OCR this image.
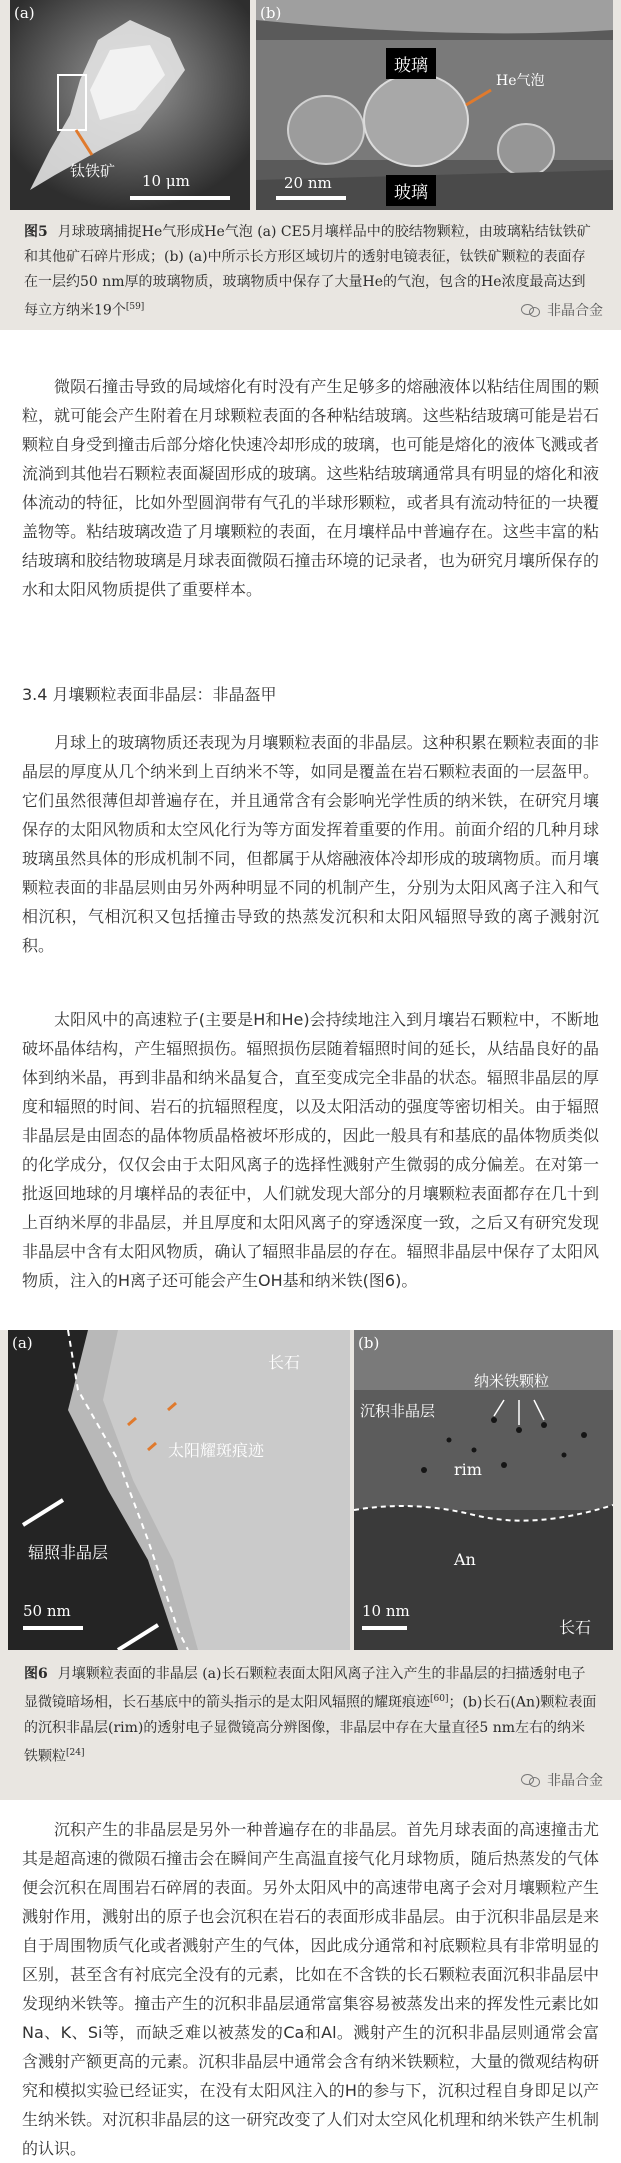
(a)
钛铁矿
10 μm
(b)
玻璃
玻璃
He气泡
20 nm
图5 月球玻璃捕捉He气形成He气泡 (a) CE5月壤样品中的胶结物颗粒，由玻璃粘结钛铁矿和其他矿石碎片形成；(b) (a)中所示长方形区域切片的透射电镜表征，钛铁矿颗粒的表面存在一层约50 nm厚的玻璃物质，玻璃物质中保存了大量He的气泡，包含的He浓度最高达到每立方纳米19个[59]	非晶合金

微陨石撞击导致的局域熔化有时没有产生足够多的熔融液体以粘结住周围的颗粒，就可能会产生附着在月球颗粒表面的各种粘结玻璃。这些粘结玻璃可能是岩石颗粒自身受到撞击后部分熔化快速冷却形成的玻璃，也可能是熔化的液体飞溅或者流淌到其他岩石颗粒表面凝固形成的玻璃。这些粘结玻璃通常具有明显的熔化和液体流动的特征，比如外型圆润带有气孔的半球形颗粒，或者具有流动特征的一块覆盖物等。粘结玻璃改造了月壤颗粒的表面，在月壤样品中普遍存在。这些丰富的粘结玻璃和胶结物玻璃是月球表面微陨石撞击环境的记录者，也为研究月壤所保存的水和太阳风物质提供了重要样本。

3.4 月壤颗粒表面非晶层：非晶盔甲

月球上的玻璃物质还表现为月壤颗粒表面的非晶层。这种积累在颗粒表面的非晶层的厚度从几个纳米到上百纳米不等，如同是覆盖在岩石颗粒表面的一层盔甲。它们虽然很薄但却普遍存在，并且通常含有会影响光学性质的纳米铁，在研究月壤保存的太阳风物质和太空风化行为等方面发挥着重要的作用。前面介绍的几种月球玻璃虽然具体的形成机制不同，但都属于从熔融液体冷却形成的玻璃物质。而月壤颗粒表面的非晶层则由另外两种明显不同的机制产生，分别为太阳风离子注入和气相沉积，气相沉积又包括撞击导致的热蒸发沉积和太阳风辐照导致的离子溅射沉积。

太阳风中的高速粒子(主要是H和He)会持续地注入到月壤岩石颗粒中，不断地破坏晶体结构，产生辐照损伤。辐照损伤层随着辐照时间的延长，从结晶良好的晶体到纳米晶，再到非晶和纳米晶复合，直至变成完全非晶的状态。辐照非晶层的厚度和辐照的时间、岩石的抗辐照程度，以及太阳活动的强度等密切相关。由于辐照非晶层是由固态的晶体物质晶格被坏形成的，因此一般具有和基底的晶体物质类似的化学成分，仅仅会由于太阳风离子的选择性溅射产生微弱的成分偏差。在对第一批返回地球的月壤样品的表征中，人们就发现大部分的月壤颗粒表面都存在几十到上百纳米厚的非晶层，并且厚度和太阳风离子的穿透深度一致，之后又有研究发现非晶层中含有太阳风物质，确认了辐照非晶层的存在。辐照非晶层中保存了太阳风物质，注入的H离子还可能会产生OH基和纳米铁(图6)。

(a)
长石
太阳耀斑痕迹
辐照非晶层
50 nm
(b)
纳米铁颗粒
沉积非晶层
rim
An
长石
10 nm
图6 月壤颗粒表面的非晶层 (a)长石颗粒表面太阳风离子注入产生的非晶层的扫描透射电子显微镜暗场相，长石基底中的箭头指示的是太阳风辐照的耀斑痕迹[60]；(b)长石(An)颗粒表面的沉积非晶层(rim)的透射电子显微镜高分辨图像，非晶层中存在大量直径5 nm左右的纳米铁颗粒[24]
非晶合金

沉积产生的非晶层是另外一种普遍存在的非晶层。首先月球表面的高速撞击尤其是超高速的微陨石撞击会在瞬间产生高温直接气化月球物质，随后热蒸发的气体便会沉积在周围岩石碎屑的表面。另外太阳风中的高速带电离子会对月壤颗粒产生溅射作用，溅射出的原子也会沉积在岩石的表面形成非晶层。由于沉积非晶层是来自于周围物质气化或者溅射产生的气体，因此成分通常和衬底颗粒具有非常明显的区别，甚至含有衬底完全没有的元素，比如在不含铁的长石颗粒表面沉积非晶层中发现纳米铁等。撞击产生的沉积非晶层通常富集容易被蒸发出来的挥发性元素比如Na、K、Si等，而缺乏难以被蒸发的Ca和Al。溅射产生的沉积非晶层则通常会富含溅射产额更高的元素。沉积非晶层中通常会含有纳米铁颗粒，大量的微观结构研究和模拟实验已经证实，在没有太阳风注入的H的参与下，沉积过程自身即足以产生纳米铁。对沉积非晶层的这一研究改变了人们对太空风化机理和纳米铁产生机制的认识。
